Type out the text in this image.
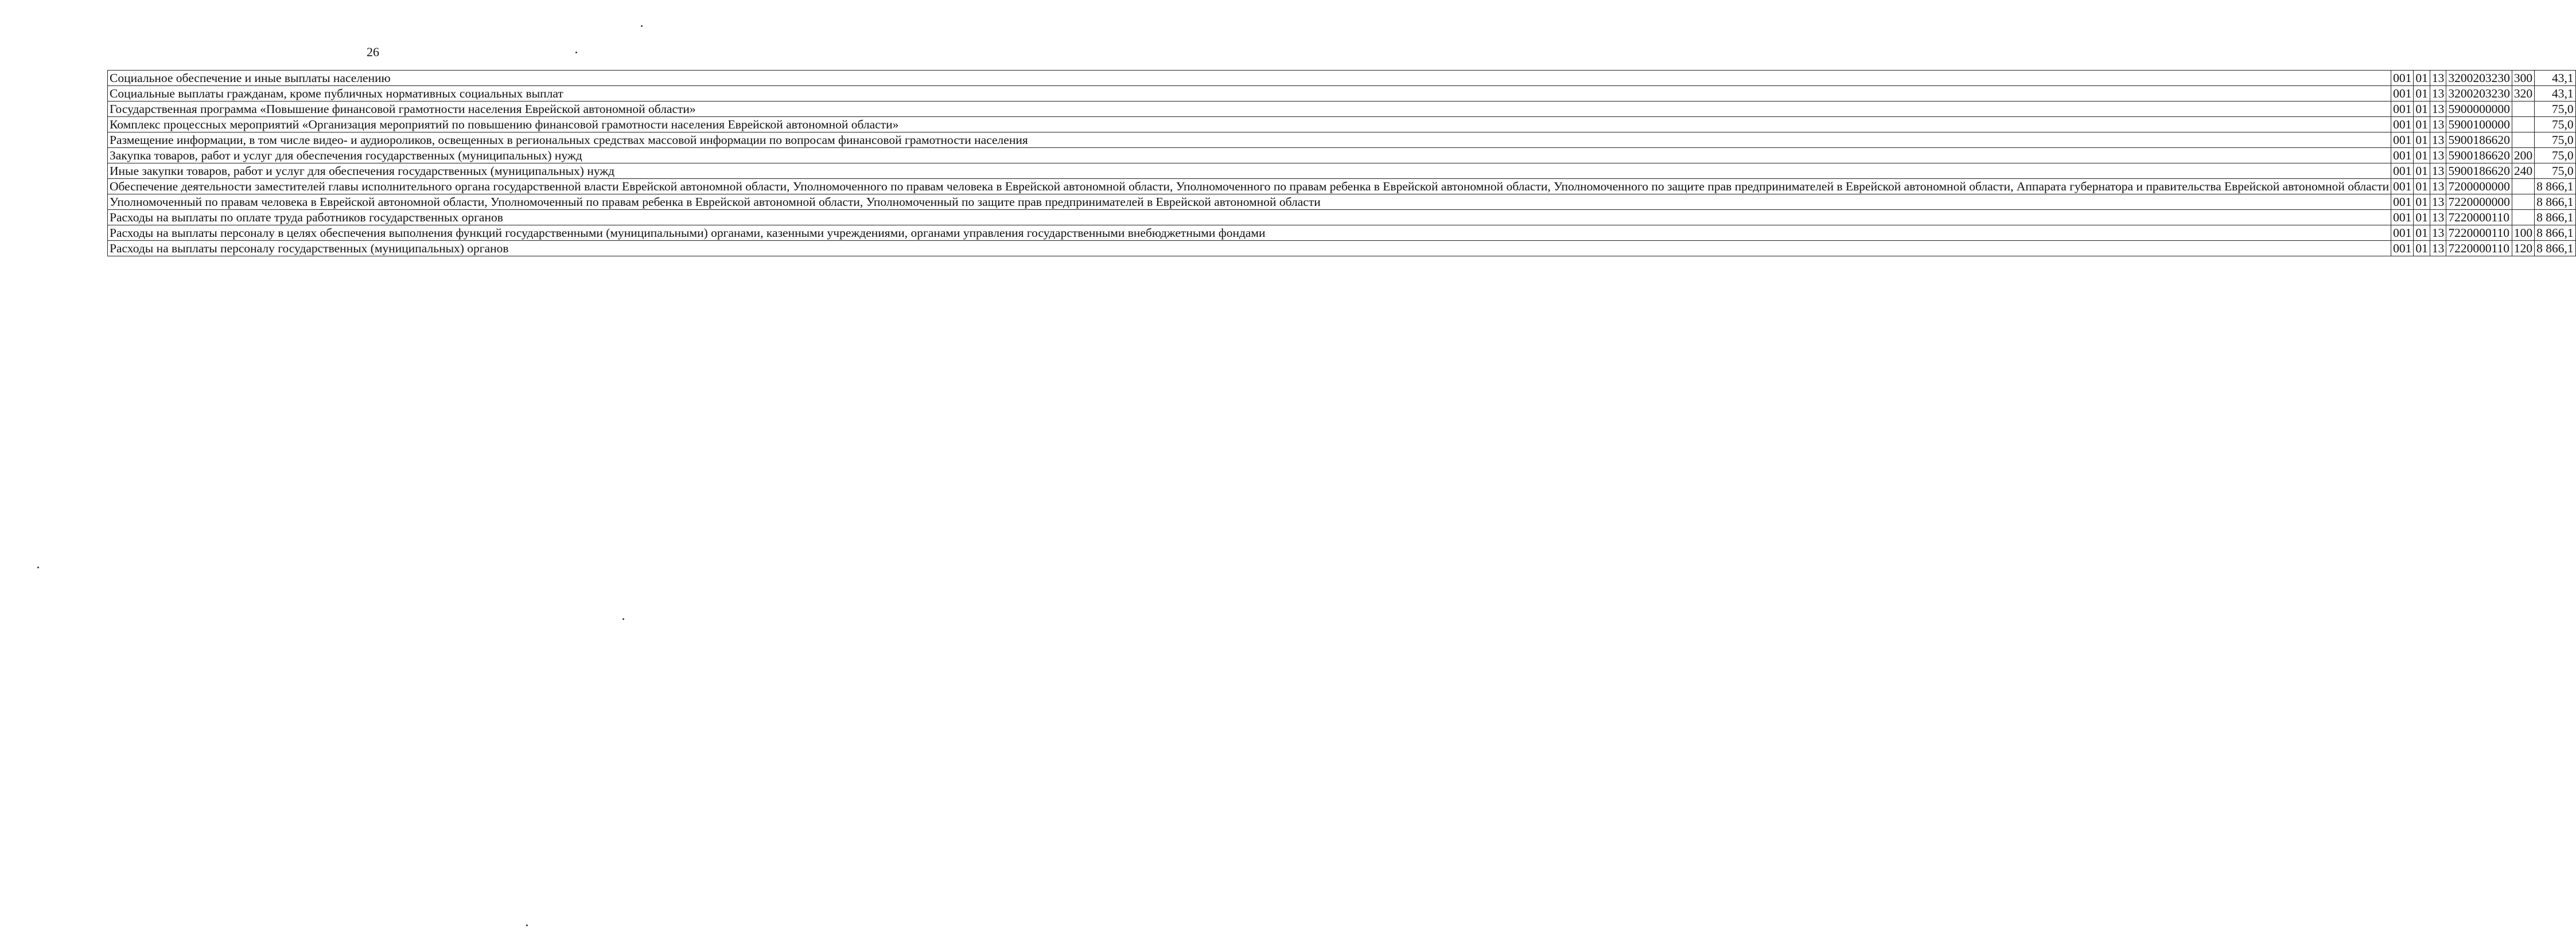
26
Социальное обеспечение и иные выплаты населению	001	01	13	3200203230	300	43,1
Социальные выплаты гражданам, кроме публичных нормативных социальных выплат	001	01	13	3200203230	320	43,1
Государственная программа «Повышение финансовой грамотности населения Еврейской автономной области»	001	01	13	5900000000		75,0
Комплекс процессных мероприятий «Организация мероприятий по повышению финансовой грамотности населения Еврейской автономной области»	001	01	13	5900100000		75,0
Размещение информации, в том числе видео- и аудиороликов, освещенных в региональных средствах массовой информации по вопросам финансовой грамотности населения	001	01	13	5900186620		75,0
Закупка товаров, работ и услуг для обеспечения государственных (муниципальных) нужд	001	01	13	5900186620	200	75,0
Иные закупки товаров, работ и услуг для обеспечения государственных (муниципальных) нужд	001	01	13	5900186620	240	75,0
Обеспечение деятельности заместителей главы исполнительного органа государственной власти Еврейской автономной области, Уполномоченного по правам человека в Еврейской автономной области, Уполномоченного по правам ребенка в Еврейской автономной области, Уполномоченного по защите прав предпринимателей в Еврейской автономной области, Аппарата губернатора и правительства Еврейской автономной области	001	01	13	7200000000		8 866,1
Уполномоченный по правам человека в Еврейской автономной области, Уполномоченный по правам ребенка в Еврейской автономной области, Уполномоченный по защите прав предпринимателей в Еврейской автономной области	001	01	13	7220000000		8 866,1
Расходы на выплаты по оплате труда работников государственных органов	001	01	13	7220000110		8 866,1
Расходы на выплаты персоналу в целях обеспечения выполнения функций государственными (муниципальными) органами, казенными учреждениями, органами управления государственными внебюджетными фондами	001	01	13	7220000110	100	8 866,1
Расходы на выплаты персоналу государственных (муниципальных) органов	001	01	13	7220000110	120	8 866,1
